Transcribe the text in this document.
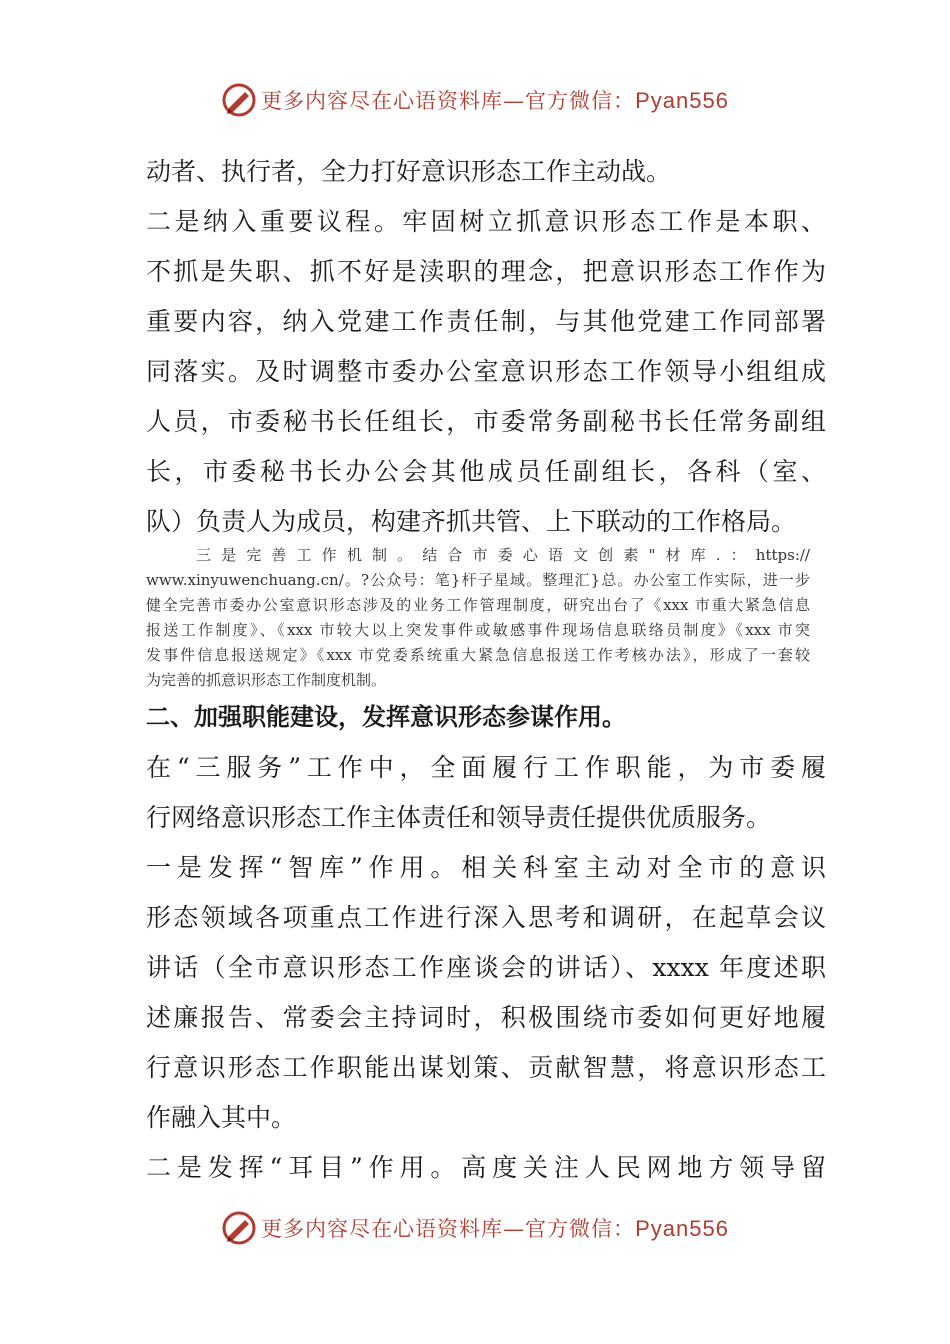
更多内容尽在心语资料库—官方微信：Pyan556

动者、执行者，全力打好意识形态工作主动战。

二是纳入重要议程。牢固树立抓意识形态工作是本职、

不抓是失职、抓不好是渎职的理念，把意识形态工作作为

重要内容，纳入党建工作责任制，与其他党建工作同部署

同落实。及时调整市委办公室意识形态工作领导小组组成

人员，市委秘书长任组长，市委常务副秘书长任常务副组

长，市委秘书长办公会其他成员任副组长，各科（室、

队）负责人为成员，构建齐抓共管、上下联动的工作格局。

三是完善工作机制。结合市委心语文创素"材库.：https://

www.xinyuwenchuang.cn/。?公众号：笔}杆子星域。整理汇}总。办公室工作实际，进一步

健全完善市委办公室意识形态涉及的业务工作管理制度，研究出台了《xxx 市重大紧急信息

报送工作制度》、《xxx 市较大以上突发事件或敏感事件现场信息联络员制度》《xxx 市突

发事件信息报送规定》《xxx 市党委系统重大紧急信息报送工作考核办法》，形成了一套较

为完善的抓意识形态工作制度机制。

二、加强职能建设，发挥意识形态参谋作用。

在“三服务”工作中，全面履行工作职能，为市委履

行网络意识形态工作主体责任和领导责任提供优质服务。

一是发挥“智库”作用。相关科室主动对全市的意识

形态领域各项重点工作进行深入思考和调研，在起草会议

讲话（全市意识形态工作座谈会的讲话）、xxxx 年度述职

述廉报告、常委会主持词时，积极围绕市委如何更好地履

行意识形态工作职能出谋划策、贡献智慧，将意识形态工

作融入其中。

二是发挥“耳目”作用。高度关注人民网地方领导留

更多内容尽在心语资料库—官方微信：Pyan556
